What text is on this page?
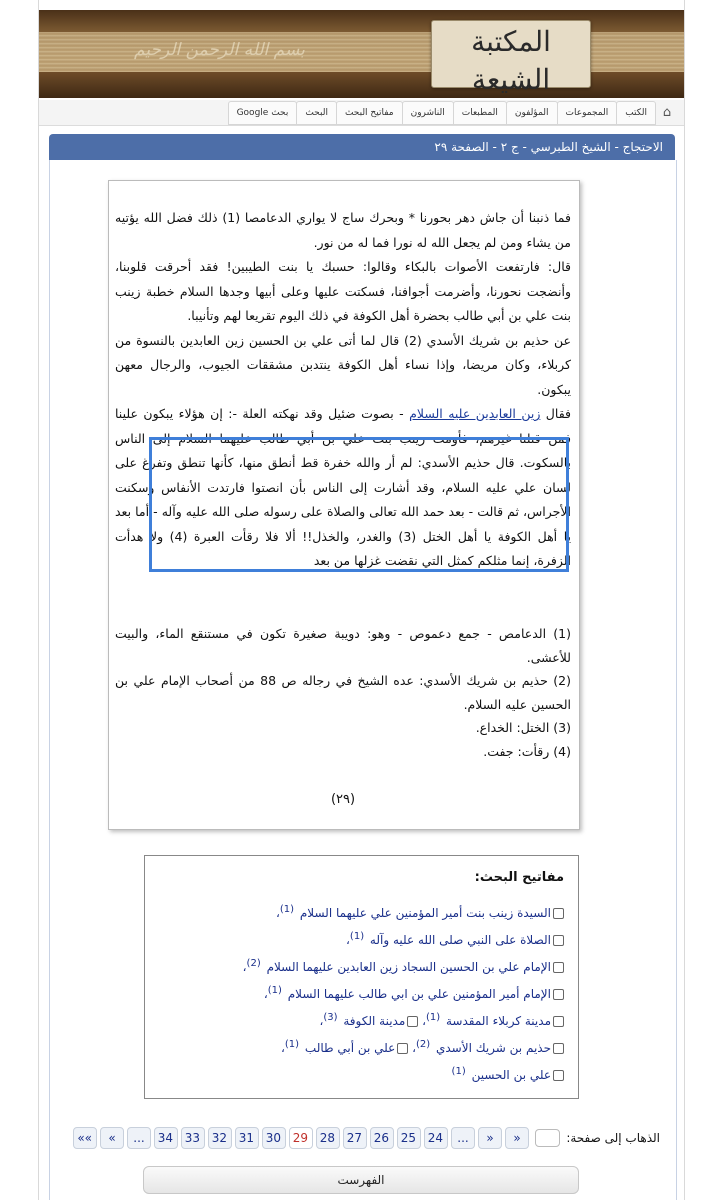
بسم الله الرحمن الرحيم	المكتبة الشيعة
⌂
الكتب
المجموعات
المؤلفون
المطبعات
الناشرون
مفاتيح البحث
البحث
بحث Google
الاحتجاج - الشيخ الطبرسي - ج ٢ - الصفحة ٢٩

فما ذنبنا أن جاش دهر بحورنا * وبحرك ساج لا يواري الدعامصا (1) ذلك فضل الله يؤتيه من يشاء ومن لم يجعل الله له نورا فما له من نور.

قال: فارتفعت الأصوات بالبكاء وقالوا: حسبك يا بنت الطيبين! فقد أحرقت قلوبنا، وأنضجت نحورنا، وأضرمت أجوافنا، فسكتت عليها وعلى أبيها وجدها السلام خطبة زينب بنت علي بن أبي طالب بحضرة أهل الكوفة في ذلك اليوم تقريعا لهم وتأنيبا.

عن حذيم بن شريك الأسدي (2) قال لما أتى علي بن الحسين زين العابدين بالنسوة من كربلاء، وكان مريضا، وإذا نساء أهل الكوفة ينتدبن مشققات الجيوب، والرجال معهن يبكون.

فقال زين العابدين عليه السلام - بصوت ضئيل وقد نهكته العلة -: إن هؤلاء يبكون علينا فمن قتلنا غيرهم، فأومت زينب بنت علي بن أبي طالب عليهما السلام إلى الناس بالسكوت. قال حذيم الأسدي: لم أر والله خفرة قط أنطق منها، كأنها تنطق وتفرغ على لسان علي عليه السلام، وقد أشارت إلى الناس بأن انصتوا فارتدت الأنفاس وسكنت الأجراس، ثم قالت - بعد حمد الله تعالى والصلاة على رسوله صلى الله عليه وآله - أما بعد يا أهل الكوفة يا أهل الختل (3) والغدر، والخذل!! ألا فلا رقأت العبرة (4) ولا هدأت الزفرة، إنما مثلكم كمثل التي نقضت غزلها من بعد

(1) الدعامص - جمع دعموص - وهو: دويبة صغيرة تكون في مستنقع الماء، والبيت للأعشى.

(2) حذيم بن شريك الأسدي: عده الشيخ في رجاله ص 88 من أصحاب الإمام علي بن الحسين عليه السلام.

(3) الختل: الخداع.

(4) رقأت: جفت.

(٢٩)
مفاتيح البحث:
السيدة زينب بنت أمير المؤمنين علي عليهما السلام $^{(1)}$،
الصلاة على النبي صلى الله عليه وآله $^{(1)}$،
الإمام علي بن الحسين السجاد زين العابدين عليهما السلام $^{(2)}$،
الإمام أمير المؤمنين علي بن ابي طالب عليهما السلام $^{(1)}$،
مدينة كربلاء المقدسة $^{(1)}$، مدينة الكوفة $^{(3)}$،
حذيم بن شريك الأسدي $^{(2)}$، علي بن أبي طالب $^{(1)}$،
علي بن الحسين $^{(1)}$
الذهاب إلى صفحة:
«
«
...
24
25
26
27
28
29
30
31
32
33
34
...
»
»»
الفهرست
